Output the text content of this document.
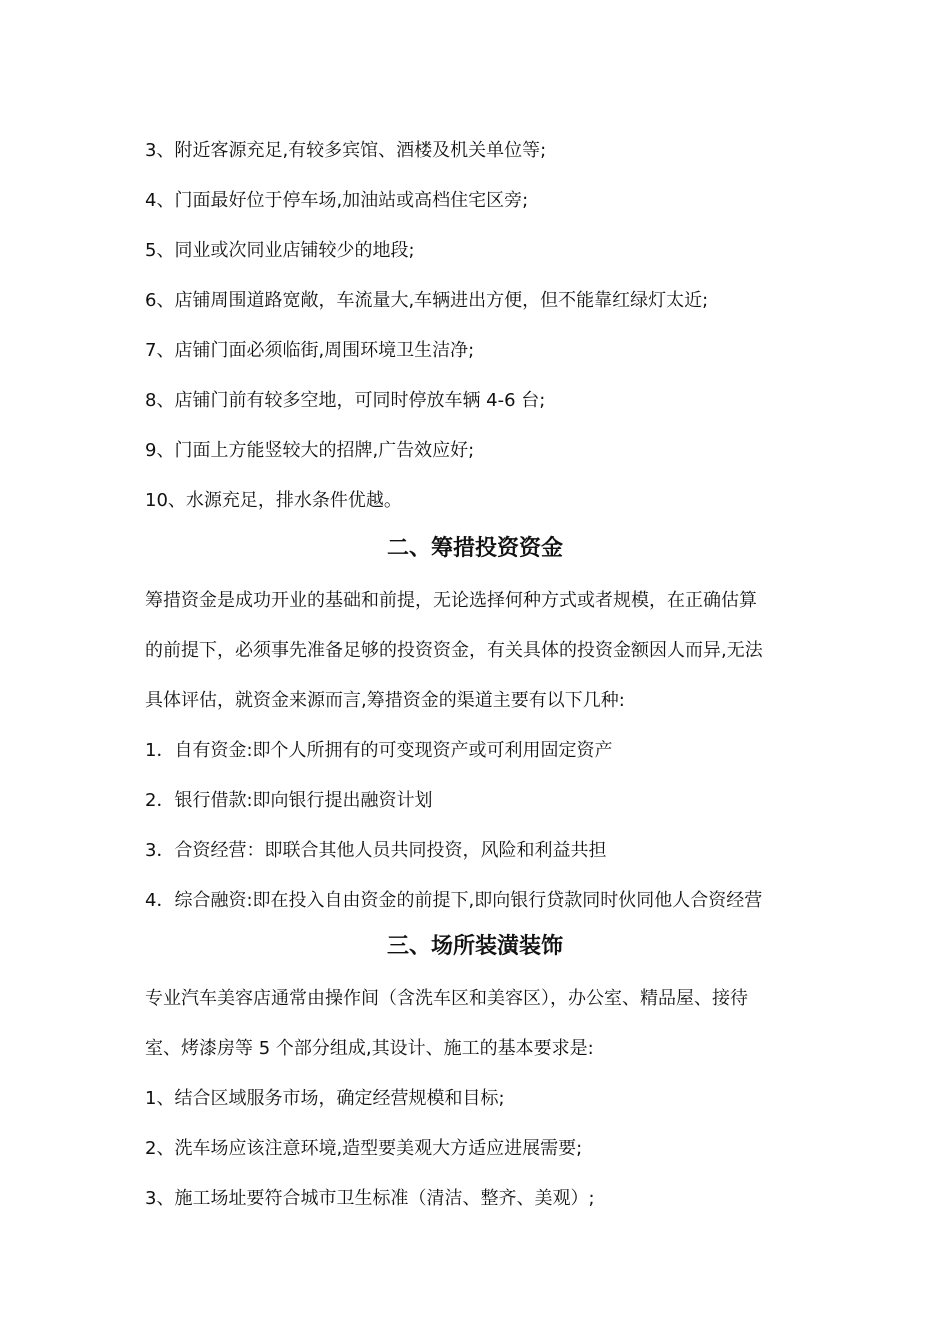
3、附近客源充足,有较多宾馆、酒楼及机关单位等;
4、门面最好位于停车场,加油站或高档住宅区旁;
5、同业或次同业店铺较少的地段;
6、店铺周围道路宽敞，车流量大,车辆进出方便，但不能靠红绿灯太近;
7、店铺门面必须临街,周围环境卫生洁净;
8、店铺门前有较多空地，可同时停放车辆 4-6 台;
9、门面上方能竖较大的招牌,广告效应好;
10、水源充足，排水条件优越。
二、筹措投资资金
筹措资金是成功开业的基础和前提，无论选择何种方式或者规模，在正确估算
的前提下，必须事先准备足够的投资资金，有关具体的投资金额因人而异,无法
具体评估，就资金来源而言,筹措资金的渠道主要有以下几种:
1．自有资金:即个人所拥有的可变现资产或可利用固定资产
2．银行借款:即向银行提出融资计划
3．合资经营：即联合其他人员共同投资，风险和利益共担
4．综合融资:即在投入自由资金的前提下,即向银行贷款同时伙同他人合资经营
三、场所装潢装饰
专业汽车美容店通常由操作间（含洗车区和美容区），办公室、精品屋、接待
室、烤漆房等 5 个部分组成,其设计、施工的基本要求是:
1、结合区域服务市场，确定经营规模和目标;
2、洗车场应该注意环境,造型要美观大方适应进展需要;
3、施工场址要符合城市卫生标准（清洁、整齐、美观）;
